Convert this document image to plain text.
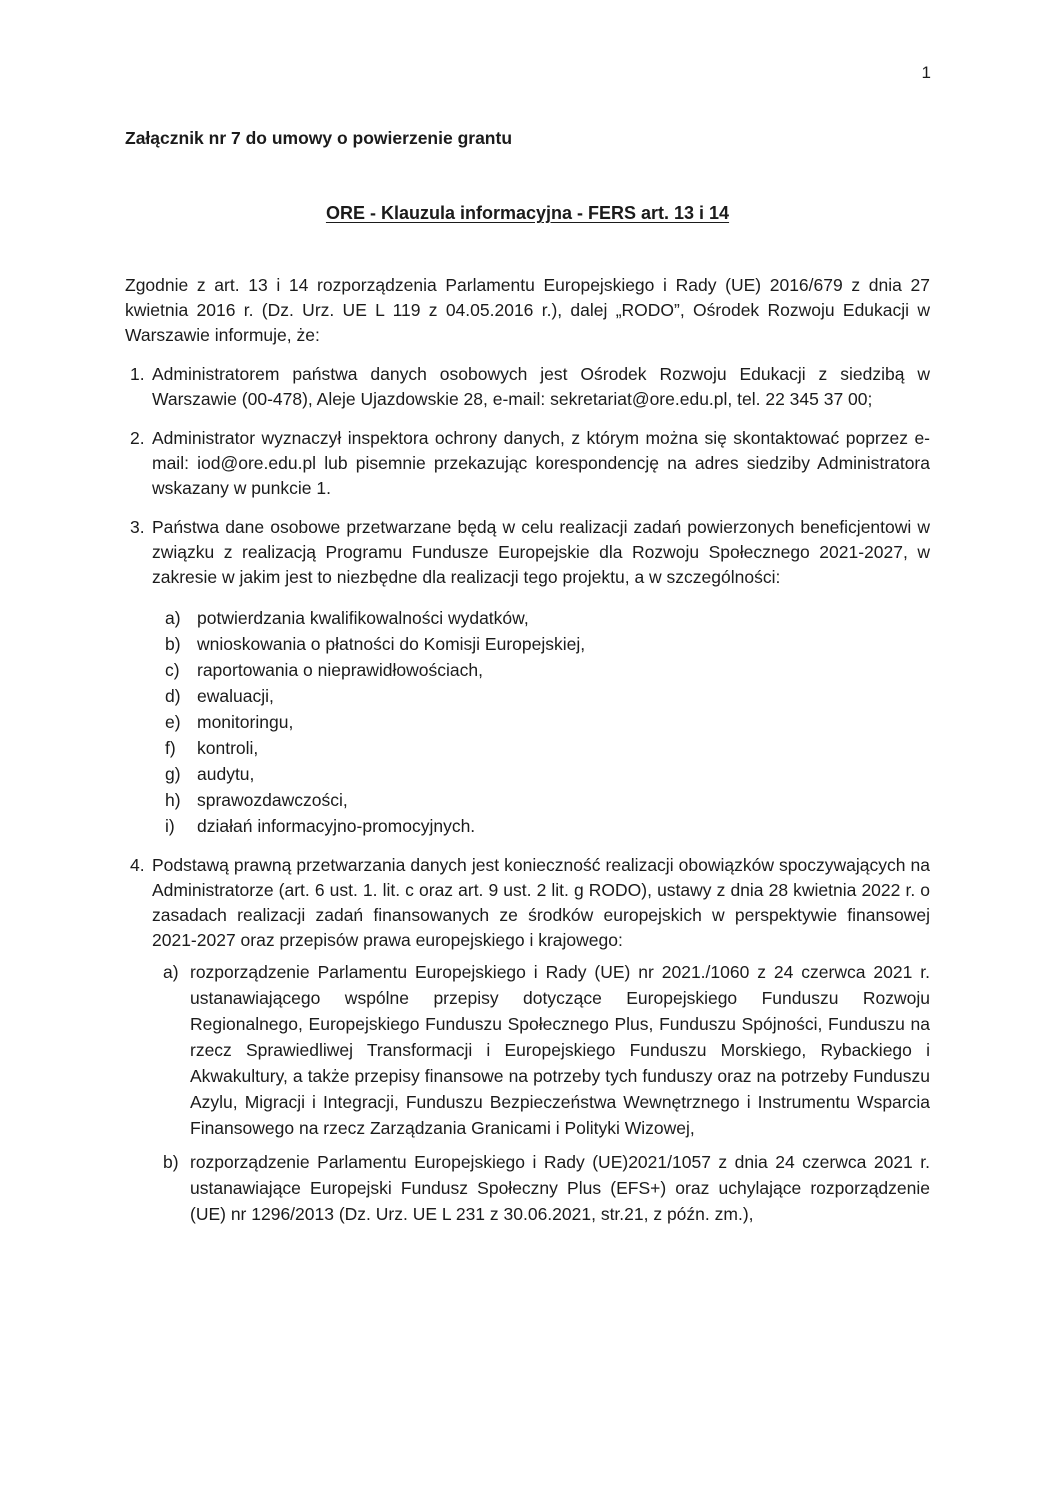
1

Załącznik nr 7 do umowy o powierzenie grantu

ORE - Klauzula informacyjna - FERS art. 13 i 14

Zgodnie z art. 13 i 14 rozporządzenia Parlamentu Europejskiego i Rady (UE) 2016/679 z dnia 27 kwietnia 2016 r. (Dz. Urz. UE L 119 z 04.05.2016 r.), dalej „RODO”, Ośrodek Rozwoju Edukacji w Warszawie informuje, że:

1. Administratorem państwa danych osobowych jest Ośrodek Rozwoju Edukacji z siedzibą w Warszawie (00-478), Aleje Ujazdowskie 28, e-mail: sekretariat@ore.edu.pl, tel. 22 345 37 00;
2. Administrator wyznaczył inspektora ochrony danych, z którym można się skontaktować poprzez e-mail: iod@ore.edu.pl lub pisemnie przekazując korespondencję na adres siedziby Administratora wskazany w punkcie 1.
3. Państwa dane osobowe przetwarzane będą w celu realizacji zadań powierzonych beneficjentowi w związku z realizacją Programu Fundusze Europejskie dla Rozwoju Społecznego 2021-2027, w zakresie w jakim jest to niezbędne dla realizacji tego projektu, a w szczególności:
a) potwierdzania kwalifikowalności wydatków,
b) wnioskowania o płatności do Komisji Europejskiej,
c) raportowania o nieprawidłowościach,
d) ewaluacji,
e) monitoringu,
f)	kontroli,
g) audytu,
h) sprawozdawczości,
i)	działań informacyjno-promocyjnych.
4. Podstawą prawną przetwarzania danych jest konieczność realizacji obowiązków spoczywających na Administratorze (art. 6 ust. 1. lit. c oraz art. 9 ust. 2 lit. g RODO), ustawy z dnia 28 kwietnia 2022 r. o zasadach realizacji zadań finansowanych ze środków europejskich w perspektywie finansowej 2021-2027 oraz przepisów prawa europejskiego i krajowego:
a) rozporządzenie Parlamentu Europejskiego i Rady (UE) nr 2021./1060 z 24 czerwca 2021 r. ustanawiającego wspólne przepisy dotyczące Europejskiego Funduszu Rozwoju Regionalnego, Europejskiego Funduszu Społecznego Plus, Funduszu Spójności, Funduszu na rzecz Sprawiedliwej Transformacji i Europejskiego Funduszu Morskiego, Rybackiego i Akwakultury, a także przepisy finansowe na potrzeby tych funduszy oraz na potrzeby Funduszu Azylu, Migracji i Integracji, Funduszu Bezpieczeństwa Wewnętrznego i Instrumentu Wsparcia Finansowego na rzecz Zarządzania Granicami i Polityki Wizowej,
b) rozporządzenie Parlamentu Europejskiego i Rady (UE)2021/1057 z dnia 24 czerwca 2021 r. ustanawiające Europejski Fundusz Społeczny Plus (EFS+) oraz uchylające rozporządzenie (UE) nr 1296/2013 (Dz. Urz. UE L 231 z 30.06.2021, str.21, z późn. zm.),
